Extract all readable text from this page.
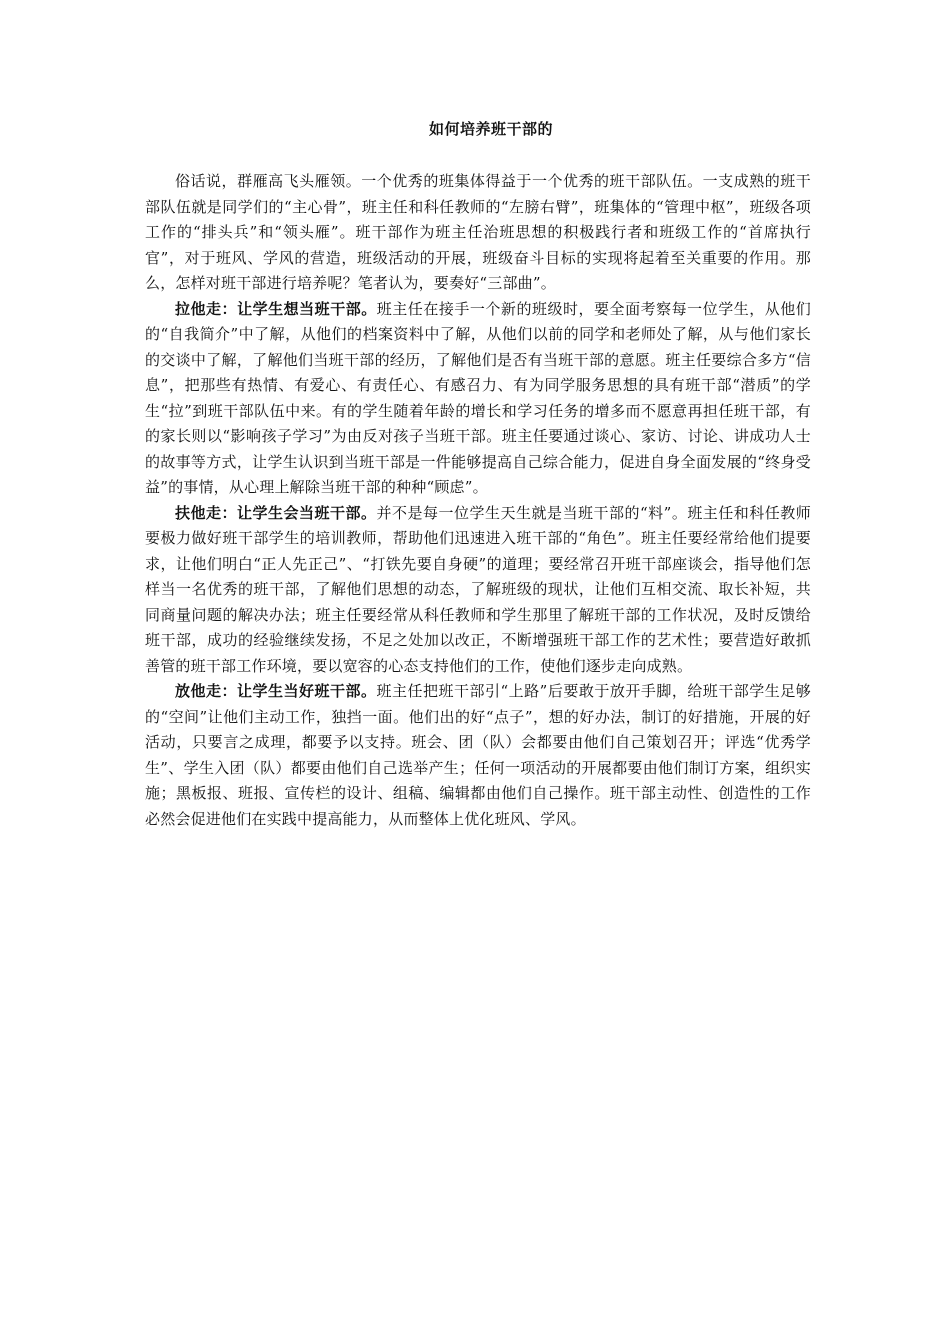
如何培养班干部的

俗话说，群雁高飞头雁领。一个优秀的班集体得益于一个优秀的班干部队伍。一支成熟的班干部队伍就是同学们的“主心骨”，班主任和科任教师的“左膀右臂”，班集体的“管理中枢”，班级各项工作的“排头兵”和“领头雁”。班干部作为班主任治班思想的积极践行者和班级工作的“首席执行官”，对于班风、学风的营造，班级活动的开展，班级奋斗目标的实现将起着至关重要的作用。那么，怎样对班干部进行培养呢？笔者认为，要奏好“三部曲”。

拉他走：让学生想当班干部。班主任在接手一个新的班级时，要全面考察每一位学生，从他们的“自我简介”中了解，从他们的档案资料中了解，从他们以前的同学和老师处了解，从与他们家长的交谈中了解，了解他们当班干部的经历，了解他们是否有当班干部的意愿。班主任要综合多方“信息”，把那些有热情、有爱心、有责任心、有感召力、有为同学服务思想的具有班干部“潜质”的学生“拉”到班干部队伍中来。有的学生随着年龄的增长和学习任务的增多而不愿意再担任班干部，有的家长则以“影响孩子学习”为由反对孩子当班干部。班主任要通过谈心、家访、讨论、讲成功人士的故事等方式，让学生认识到当班干部是一件能够提高自己综合能力，促进自身全面发展的“终身受益”的事情，从心理上解除当班干部的种种“顾虑”。

扶他走：让学生会当班干部。并不是每一位学生天生就是当班干部的“料”。班主任和科任教师要极力做好班干部学生的培训教师，帮助他们迅速进入班干部的“角色”。班主任要经常给他们提要求，让他们明白“正人先正己”、“打铁先要自身硬”的道理；要经常召开班干部座谈会，指导他们怎样当一名优秀的班干部，了解他们思想的动态，了解班级的现状，让他们互相交流、取长补短，共同商量问题的解决办法；班主任要经常从科任教师和学生那里了解班干部的工作状况，及时反馈给班干部，成功的经验继续发扬，不足之处加以改正，不断增强班干部工作的艺术性；要营造好敢抓善管的班干部工作环境，要以宽容的心态支持他们的工作，使他们逐步走向成熟。

放他走：让学生当好班干部。班主任把班干部引“上路”后要敢于放开手脚，给班干部学生足够的“空间”让他们主动工作，独挡一面。他们出的好“点子”，想的好办法，制订的好措施，开展的好活动，只要言之成理，都要予以支持。班会、团（队）会都要由他们自己策划召开；评选“优秀学生”、学生入团（队）都要由他们自己选举产生；任何一项活动的开展都要由他们制订方案，组织实施；黑板报、班报、宣传栏的设计、组稿、编辑都由他们自己操作。班干部主动性、创造性的工作必然会促进他们在实践中提高能力，从而整体上优化班风、学风。
